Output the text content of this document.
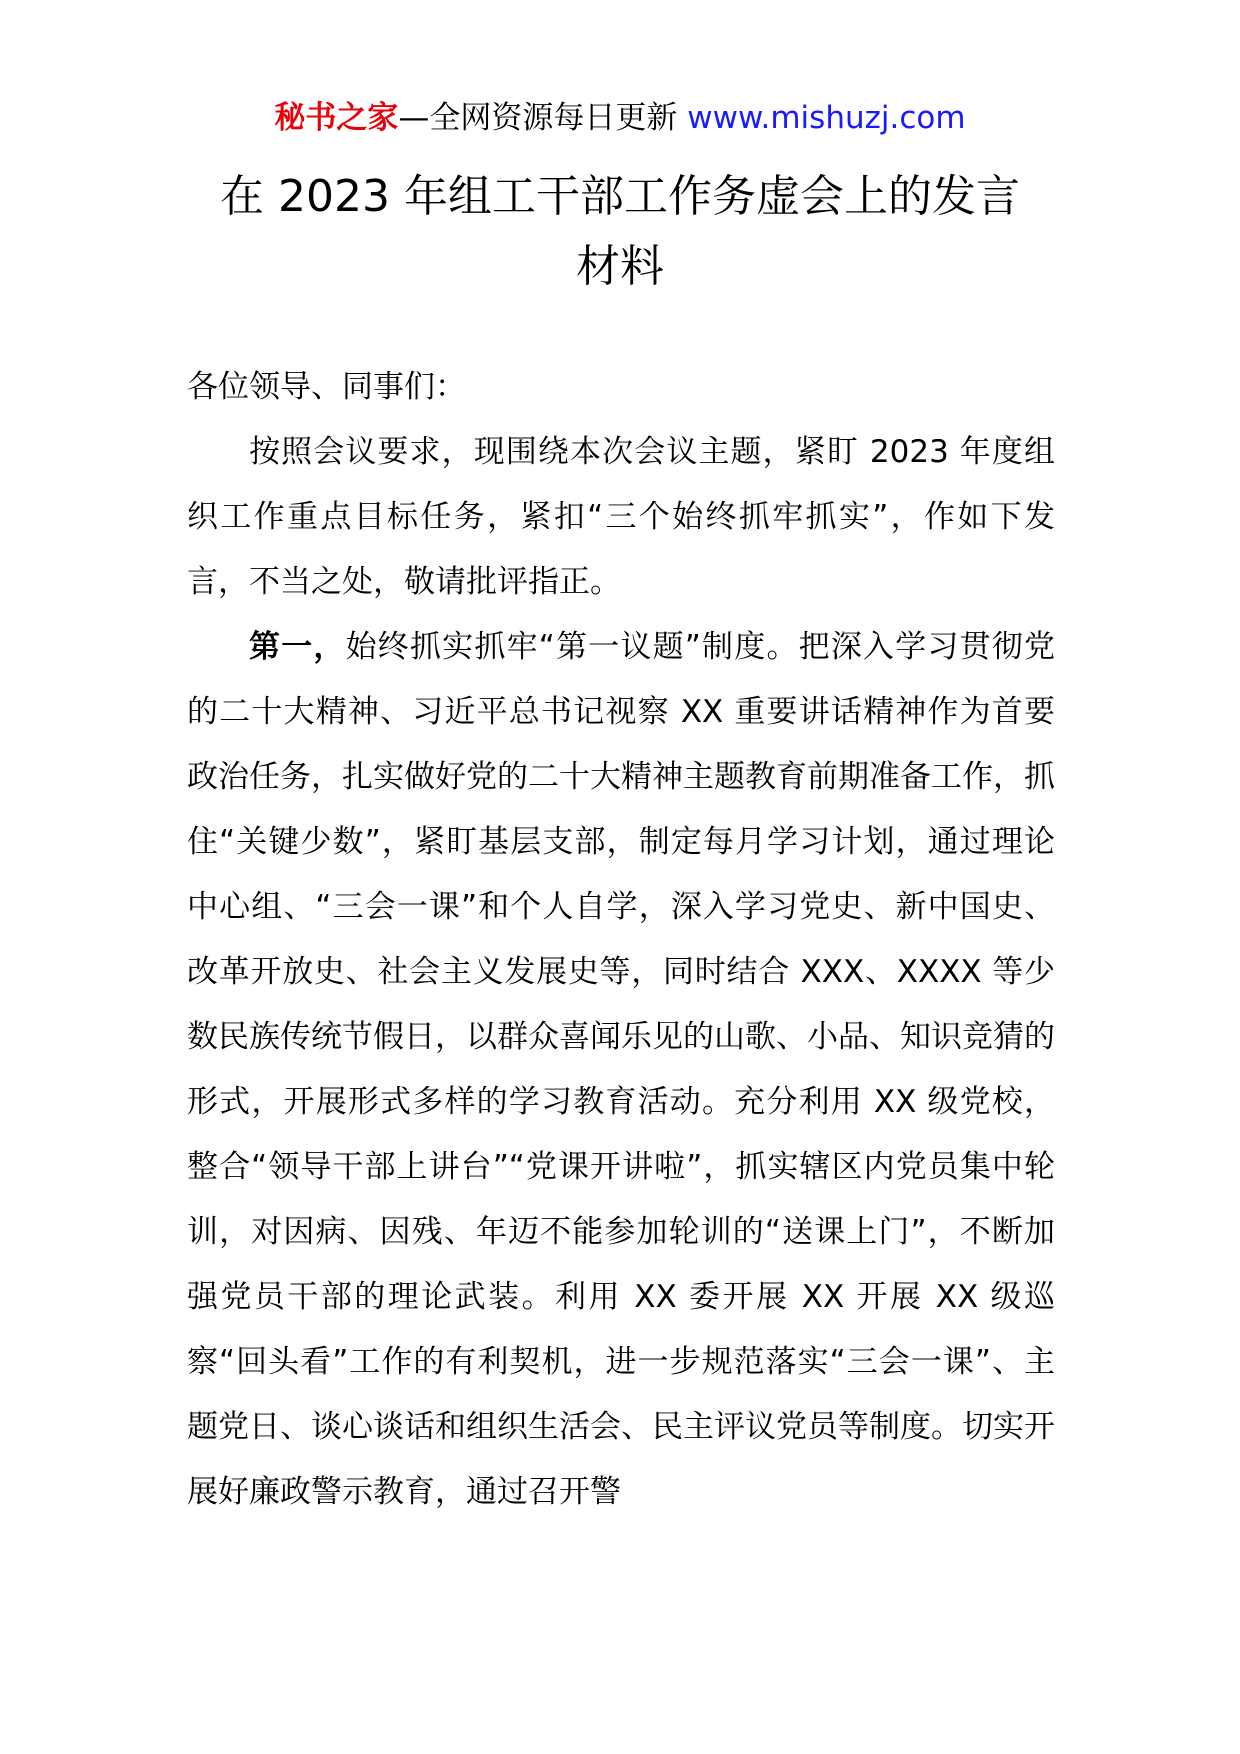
秘书之家—全网资源每日更新 www.mishuzj.com
在 2023 年组工干部工作务虚会上的发言
材料

各位领导、同事们：

按照会议要求，现围绕本次会议主题，紧盯 2023 年度组织工作重点目标任务，紧扣“三个始终抓牢抓实”，作如下发言，不当之处，敬请批评指正。

第一，始终抓实抓牢“第一议题”制度。把深入学习贯彻党的二十大精神、习近平总书记视察 XX 重要讲话精神作为首要政治任务，扎实做好党的二十大精神主题教育前期准备工作，抓住“关键少数”，紧盯基层支部，制定每月学习计划，通过理论中心组、“三会一课”和个人自学，深入学习党史、新中国史、改革开放史、社会主义发展史等，同时结合 XXX、XXXX 等少数民族传统节假日，以群众喜闻乐见的山歌、小品、知识竞猜的形式，开展形式多样的学习教育活动。充分利用 XX 级党校，整合“领导干部上讲台”“党课开讲啦”，抓实辖区内党员集中轮训，对因病、因残、年迈不能参加轮训的“送课上门”，不断加强党员干部的理论武装。利用 XX 委开展 XX 开展 XX 级巡察“回头看”工作的有利契机，进一步规范落实“三会一课”、主题党日、谈心谈话和组织生活会、民主评议党员等制度。切实开展好廉政警示教育，通过召开警
